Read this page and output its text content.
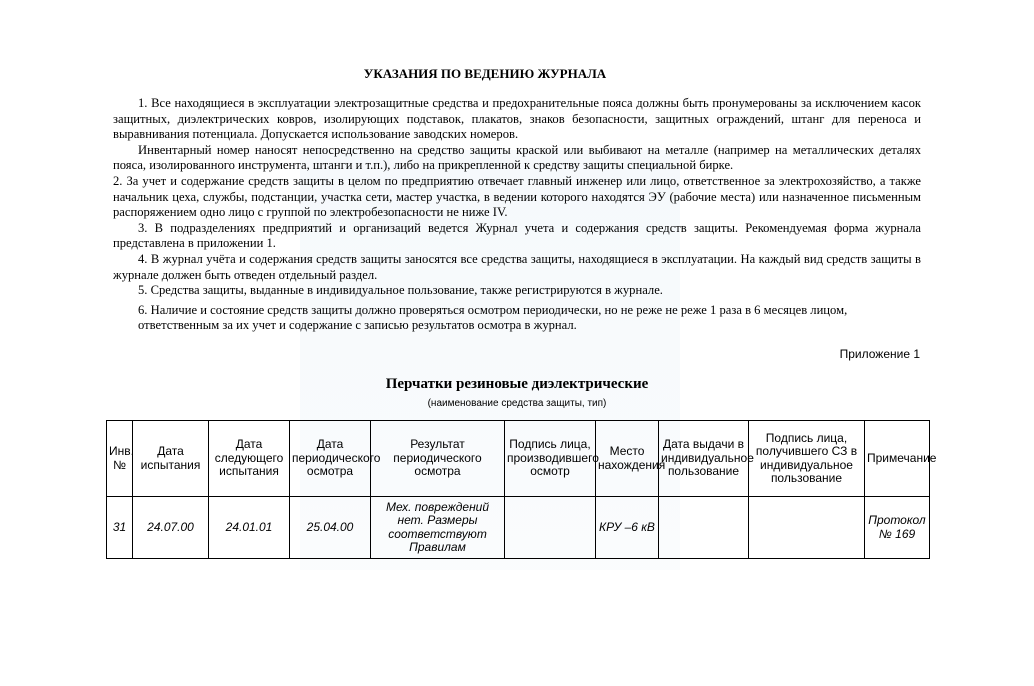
УКАЗАНИЯ ПО ВЕДЕНИЮ ЖУРНАЛА

1. Все находящиеся в эксплуатации электрозащитные средства и предохранительные пояса должны быть пронумерованы за исключением касок защитных, диэлектрических ковров, изолирующих подставок, плакатов, знаков безопасности, защитных ограждений, штанг для переноса и выравнивания потенциала. Допускается использование заводских номеров.

Инвентарный номер наносят непосредственно на средство защиты краской или выбивают на металле (например на металлических деталях пояса, изолированного инструмента, штанги и т.п.), либо на прикрепленной к средству защиты специальной бирке.

2. За учет и содержание средств защиты в целом по предприятию отвечает главный инженер или лицо, ответственное за электрохозяйство, а также начальник цеха, службы, подстанции, участка сети, мастер участка, в ведении которого находятся ЭУ (рабочие места) или назначенное письменным распоряжением одно лицо с группой по электробезопасности не ниже IV.

3. В подразделениях предприятий и организаций ведется Журнал учета и содержания средств защиты. Рекомендуемая форма журнала представлена в приложении 1.

4. В журнал учёта и содержания средств защиты заносятся все средства защиты, находящиеся в эксплуатации. На каждый вид средств защиты в журнале должен быть отведен отдельный раздел.

5. Средства защиты, выданные в индивидуальное пользование, также регистрируются в журнале.

6. Наличие и состояние средств защиты должно проверяться осмотром периодически, но не реже не реже 1 раза в 6 месяцев лицом, ответственным за их учет и содержание с записью результатов осмотра в журнал.

Приложение 1
Перчатки резиновые диэлектрические
(наименование средства защиты, тип)
Инв. №	Дата испытания	Дата следующего испытания	Дата периодического осмотра	Результат периодического осмотра	Подпись лица, производившего осмотр	Место нахождения	Дата выдачи в индивидуальное пользование	Подпись лица, получившего СЗ в индивидуальное пользование	Примечание
31	24.07.00	24.01.01	25.04.00	Мех. повреждений нет. Размеры соответствуют Правилам		КРУ –6 кВ			Протокол № 169
